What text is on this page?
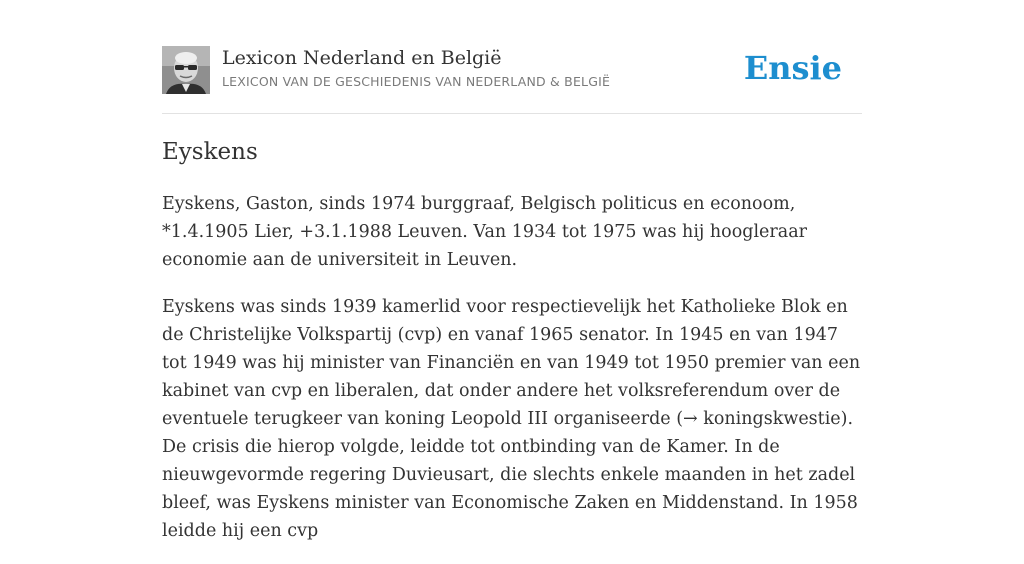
Lexicon Nederland en België
LEXICON VAN DE GESCHIEDENIS VAN NEDERLAND & BELGIË	Ensie
Eyskens

Eyskens, Gaston, sinds 1974 burggraaf, Belgisch politicus en econoom, *1.4.1905 Lier, +3.1.1988 Leuven. Van 1934 tot 1975 was hij hoogleraar economie aan de universiteit in Leuven.

Eyskens was sinds 1939 kamerlid voor respectievelijk het Katholieke Blok en de Christelijke Volkspartij (cvp) en vanaf 1965 senator. In 1945 en van 1947 tot 1949 was hij minister van Financiën en van 1949 tot 1950 premier van een kabinet van cvp en liberalen, dat onder andere het volksreferendum over de eventuele terugkeer van koning Leopold III organiseerde (→ koningskwestie). De crisis die hierop volgde, leidde tot ontbinding van de Kamer. In de nieuwgevormde regering Duvieusart, die slechts enkele maanden in het zadel bleef, was Eyskens minister van Economische Zaken en Middenstand. In 1958 leidde hij een cvp
